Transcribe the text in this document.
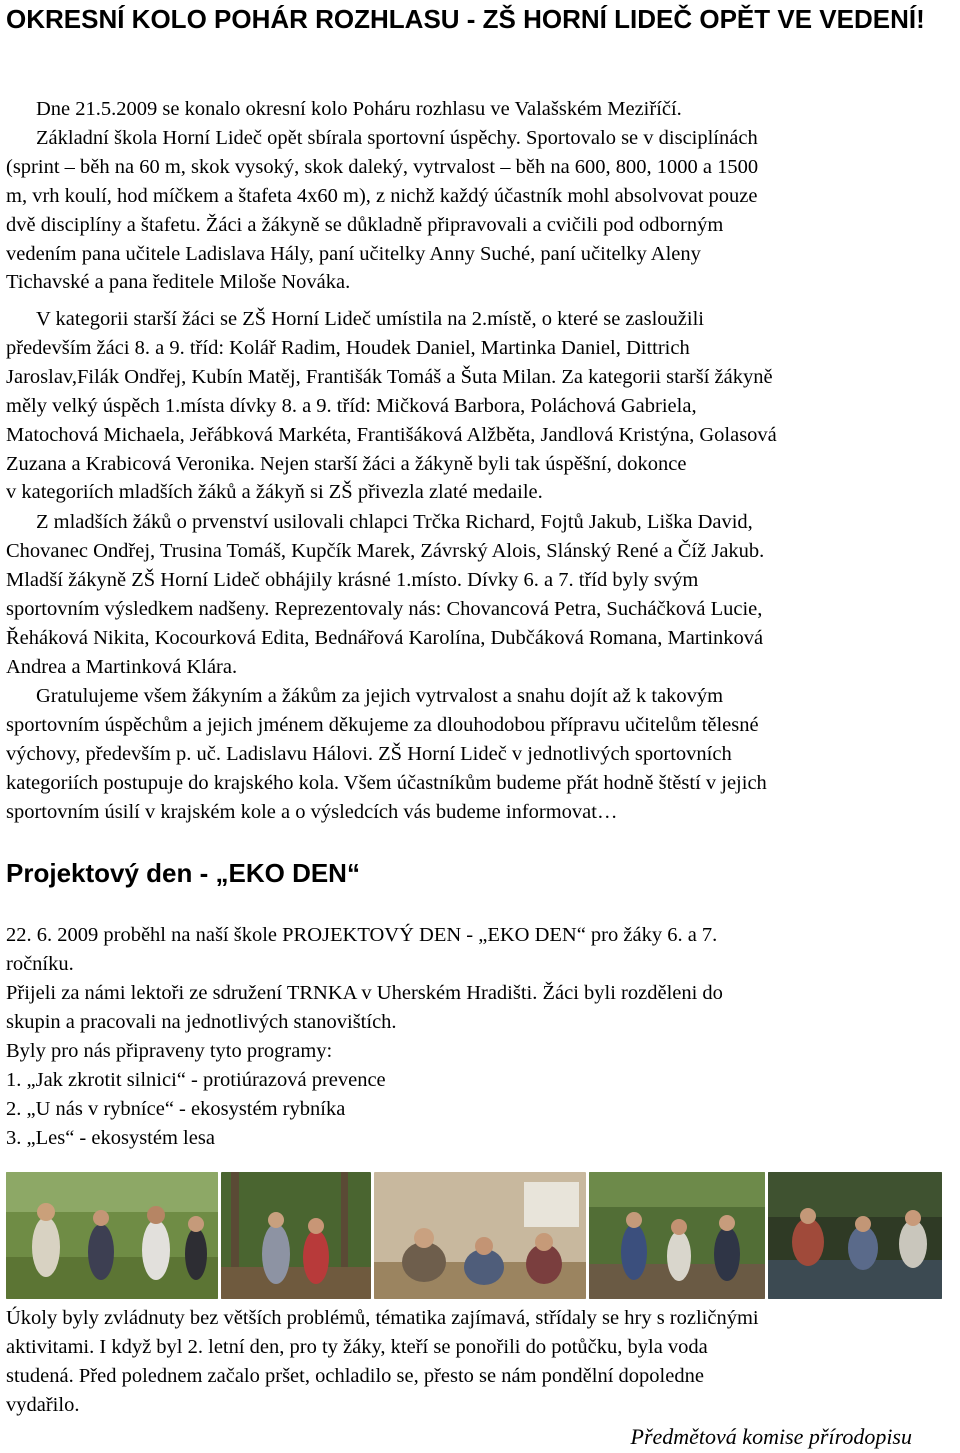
OKRESNÍ KOLO POHÁR ROZHLASU - ZŠ HORNÍ LIDEČ OPĚT VE VEDENÍ!

Dne 21.5.2009 se konalo okresní kolo Poháru rozhlasu ve Valašském Meziříčí.
Základní škola Horní Lideč opět sbírala sportovní úspěchy. Sportovalo se v disciplínách
(sprint – běh na 60 m, skok vysoký, skok daleký, vytrvalost – běh na 600, 800, 1000 a 1500
m, vrh koulí, hod míčkem a štafeta 4x60 m), z nichž každý účastník mohl absolvovat pouze
dvě disciplíny a štafetu. Žáci a žákyně se důkladně připravovali a cvičili pod odborným
vedením pana učitele Ladislava Hály, paní učitelky Anny Suché, paní učitelky Aleny
Tichavské a pana ředitele Miloše Nováka.

V kategorii starší žáci se ZŠ Horní Lideč umístila na 2.místě, o které se zasloužili
především žáci 8. a 9. tříd: Kolář Radim, Houdek Daniel, Martinka Daniel, Dittrich
Jaroslav,Filák Ondřej, Kubín Matěj, Františák Tomáš a Šuta Milan. Za kategorii starší žákyně
měly velký úspěch 1.místa dívky 8. a 9. tříd: Mičková Barbora, Poláchová Gabriela,
Matochová Michaela, Jeřábková Markéta, Františáková Alžběta, Jandlová Kristýna, Golasová
Zuzana a Krabicová Veronika. Nejen starší žáci a žákyně byli tak úspěšní, dokonce
v kategoriích mladších žáků a žákyň si ZŠ přivezla zlaté medaile.

Z mladších žáků o prvenství usilovali chlapci Trčka Richard, Fojtů Jakub, Liška David,
Chovanec Ondřej, Trusina Tomáš, Kupčík Marek, Závrský Alois, Slánský René a Číž Jakub.
Mladší žákyně ZŠ Horní Lideč obhájily krásné 1.místo. Dívky 6. a 7. tříd byly svým
sportovním výsledkem nadšeny. Reprezentovaly nás: Chovancová Petra, Sucháčková Lucie,
Řeháková Nikita, Kocourková Edita, Bednářová Karolína, Dubčáková Romana, Martinková
Andrea a Martinková Klára.

Gratulujeme všem žákyním a žákům za jejich vytrvalost a snahu dojít až k takovým
sportovním úspěchům a jejich jménem děkujeme za dlouhodobou přípravu učitelům tělesné
výchovy, především p. uč. Ladislavu Hálovi. ZŠ Horní Lideč v jednotlivých sportovních
kategoriích postupuje do krajského kola. Všem účastníkům budeme přát hodně štěstí v jejich
sportovním úsilí v krajském kole a o výsledcích vás budeme informovat…

Projektový den - „EKO DEN“

22. 6. 2009 proběhl na naší škole PROJEKTOVÝ DEN - „EKO DEN“ pro žáky 6. a 7.

ročníku.

Přijeli za námi lektoři ze sdružení TRNKA v Uherském Hradišti. Žáci byli rozděleni do

skupin a pracovali na jednotlivých stanovištích.

Byly pro nás připraveny tyto programy:

1. „Jak zkrotit silnici“ - protiúrazová prevence

2. „U nás v rybníce“ - ekosystém rybníka

3. „Les“ - ekosystém lesa

Úkoly byly zvládnuty bez větších problémů, tématika zajímavá, střídaly se hry s rozličnými
aktivitami. I když byl 2. letní den, pro ty žáky, kteří se ponořili do potůčku, byla voda
studená. Před polednem začalo pršet, ochladilo se, přesto se nám pondělní dopoledne
vydařilo.

Předmětová komise přírodopisu
